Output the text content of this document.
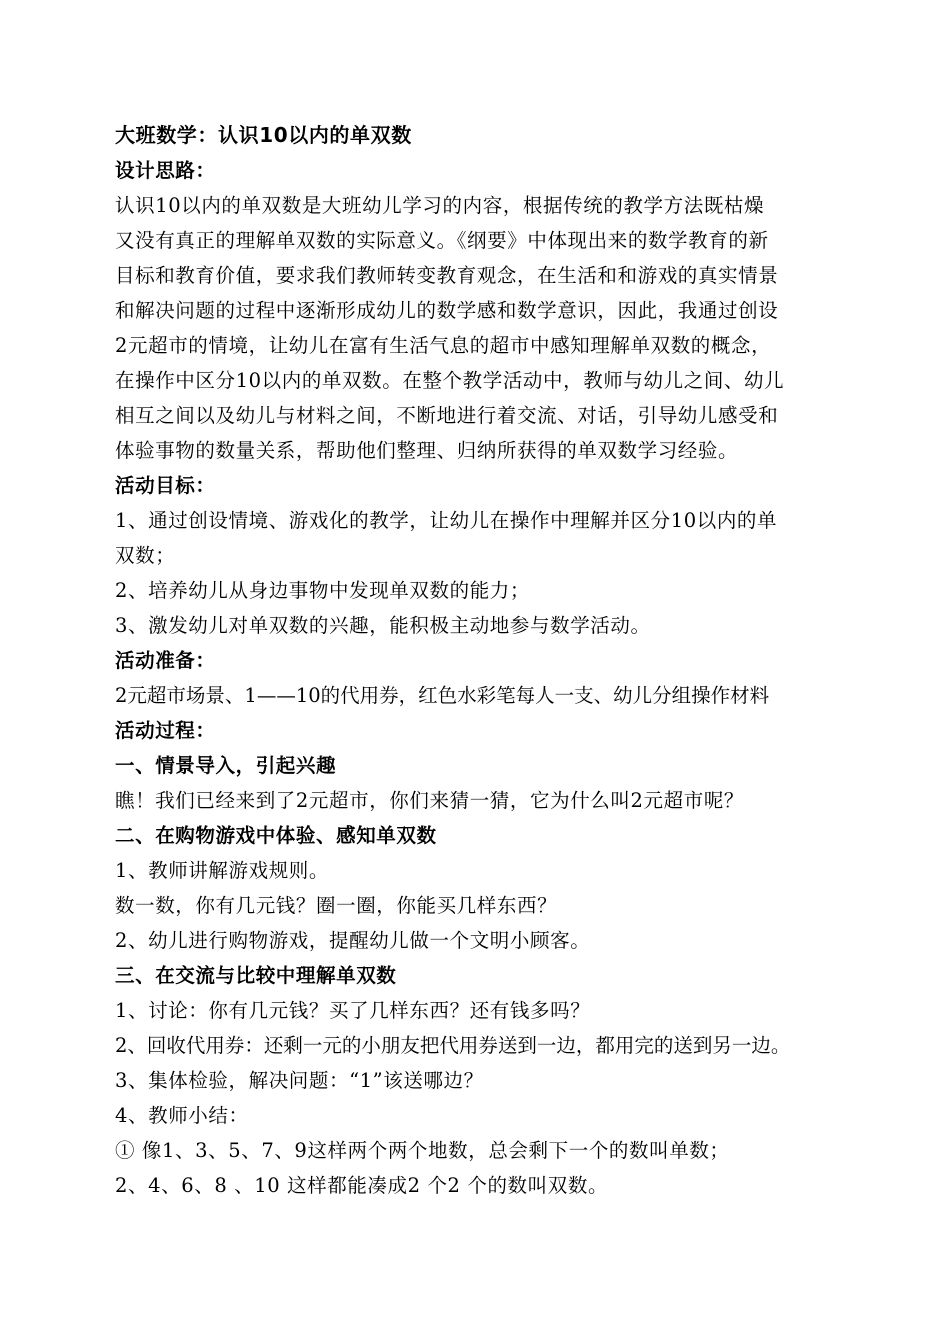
大班数学：认识10以内的单双数
设计思路：
认识10以内的单双数是大班幼儿学习的内容，根据传统的教学方法既枯燥
又没有真正的理解单双数的实际意义。《纲要》中体现出来的数学教育的新
目标和教育价值，要求我们教师转变教育观念，在生活和和游戏的真实情景
和解决问题的过程中逐渐形成幼儿的数学感和数学意识，因此，我通过创设
2元超市的情境，让幼儿在富有生活气息的超市中感知理解单双数的概念，
在操作中区分10以内的单双数。在整个教学活动中，教师与幼儿之间、幼儿
相互之间以及幼儿与材料之间，不断地进行着交流、对话，引导幼儿感受和
体验事物的数量关系，帮助他们整理、归纳所获得的单双数学习经验。
活动目标：
1、通过创设情境、游戏化的教学，让幼儿在操作中理解并区分10以内的单
双数；
2、培养幼儿从身边事物中发现单双数的能力；
3、激发幼儿对单双数的兴趣，能积极主动地参与数学活动。
活动准备：
2元超市场景、1——10的代用券，红色水彩笔每人一支、幼儿分组操作材料
活动过程：
一、情景导入，引起兴趣
瞧！我们已经来到了2元超市，你们来猜一猜，它为什么叫2元超市呢？
二、在购物游戏中体验、感知单双数
1、教师讲解游戏规则。
数一数，你有几元钱？圈一圈，你能买几样东西？
2、幼儿进行购物游戏，提醒幼儿做一个文明小顾客。
三、在交流与比较中理解单双数
1、讨论：你有几元钱？买了几样东西？还有钱多吗？
2、回收代用券：还剩一元的小朋友把代用券送到一边，都用完的送到另一边。
3、集体检验，解决问题：“1”该送哪边？
4、教师小结：
① 像1、3、5、7、9这样两个两个地数，总会剩下一个的数叫单数；
2、4、6、8 、10 这样都能凑成2 个2 个的数叫双数。
